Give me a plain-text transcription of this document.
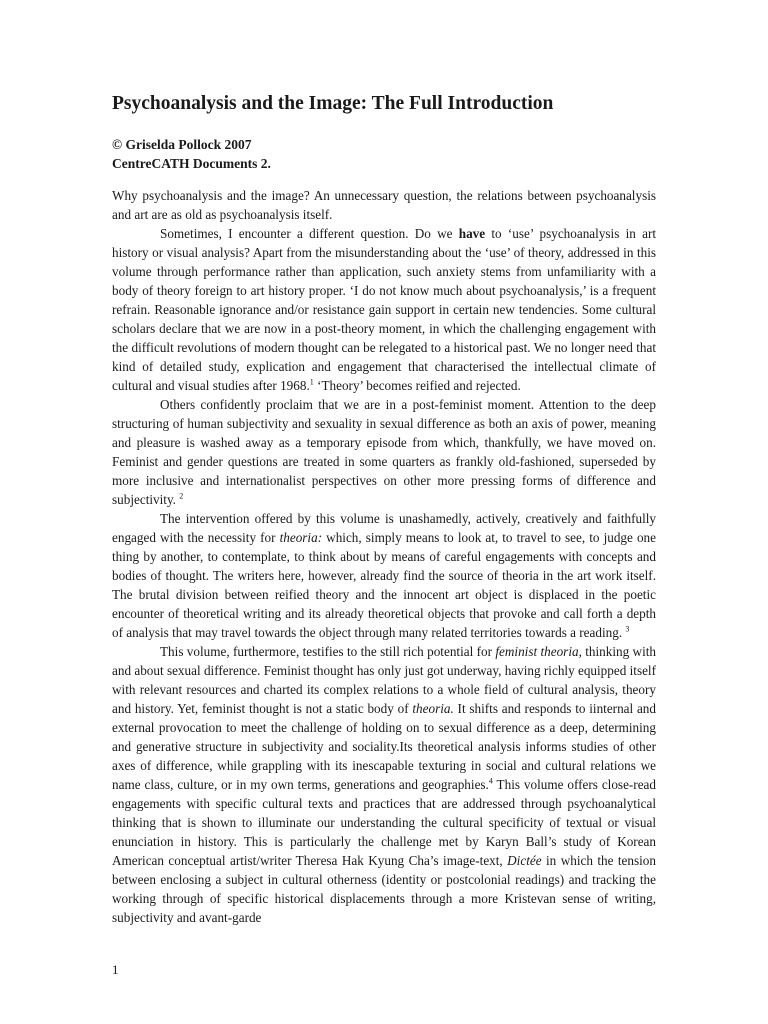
Psychoanalysis and the Image: The Full Introduction
© Griselda Pollock 2007
CentreCATH Documents 2.

Why psychoanalysis and the image? An unnecessary question, the relations between psychoanalysis and art are as old as psychoanalysis itself.

Sometimes, I encounter a different question. Do we have to ‘use’ psychoanalysis in art history or visual analysis? Apart from the misunderstanding about the ‘use’ of theory, addressed in this volume through performance rather than application, such anxiety stems from unfamiliarity with a body of theory foreign to art history proper. ‘I do not know much about psychoanalysis,’ is a frequent refrain. Reasonable ignorance and/or resistance gain support in certain new tendencies. Some cultural scholars declare that we are now in a post-theory moment, in which the challenging engagement with the difficult revolutions of modern thought can be relegated to a historical past. We no longer need that kind of detailed study, explication and engagement that characterised the intellectual climate of cultural and visual studies after 1968.$^1$ ‘Theory’ becomes reified and rejected.

Others confidently proclaim that we are in a post-feminist moment. Attention to the deep structuring of human subjectivity and sexuality in sexual difference as both an axis of power, meaning and pleasure is washed away as a temporary episode from which, thankfully, we have moved on. Feminist and gender questions are treated in some quarters as frankly old-fashioned, superseded by more inclusive and internationalist perspectives on other more pressing forms of difference and subjectivity. $^2$

The intervention offered by this volume is unashamedly, actively, creatively and faithfully engaged with the necessity for theoria: which, simply means to look at, to travel to see, to judge one thing by another, to contemplate, to think about by means of careful engagements with concepts and bodies of thought. The writers here, however, already find the source of theoria in the art work itself. The brutal division between reified theory and the innocent art object is displaced in the poetic encounter of theoretical writing and its already theoretical objects that provoke and call forth a depth of analysis that may travel towards the object through many related territories towards a reading. $^3$

This volume, furthermore, testifies to the still rich potential for feminist theoria, thinking with and about sexual difference. Feminist thought has only just got underway, having richly equipped itself with relevant resources and charted its complex relations to a whole field of cultural analysis, theory and history. Yet, feminist thought is not a static body of theoria. It shifts and responds to iinternal and external provocation to meet the challenge of holding on to sexual difference as a deep, determining and generative structure in subjectivity and sociality.Its theoretical analysis informs studies of other axes of difference, while grappling with its inescapable texturing in social and cultural relations we name class, culture, or in my own terms, generations and geographies.$^4$ This volume offers close-read engagements with specific cultural texts and practices that are addressed through psychoanalytical thinking that is shown to illuminate our understanding the cultural specificity of textual or visual enunciation in history. This is particularly the challenge met by Karyn Ball’s study of Korean American conceptual artist/writer Theresa Hak Kyung Cha’s image-text, Dictée in which the tension between enclosing a subject in cultural otherness (identity or postcolonial readings) and tracking the working through of specific historical displacements through a more Kristevan sense of writing, subjectivity and avant-garde

1
